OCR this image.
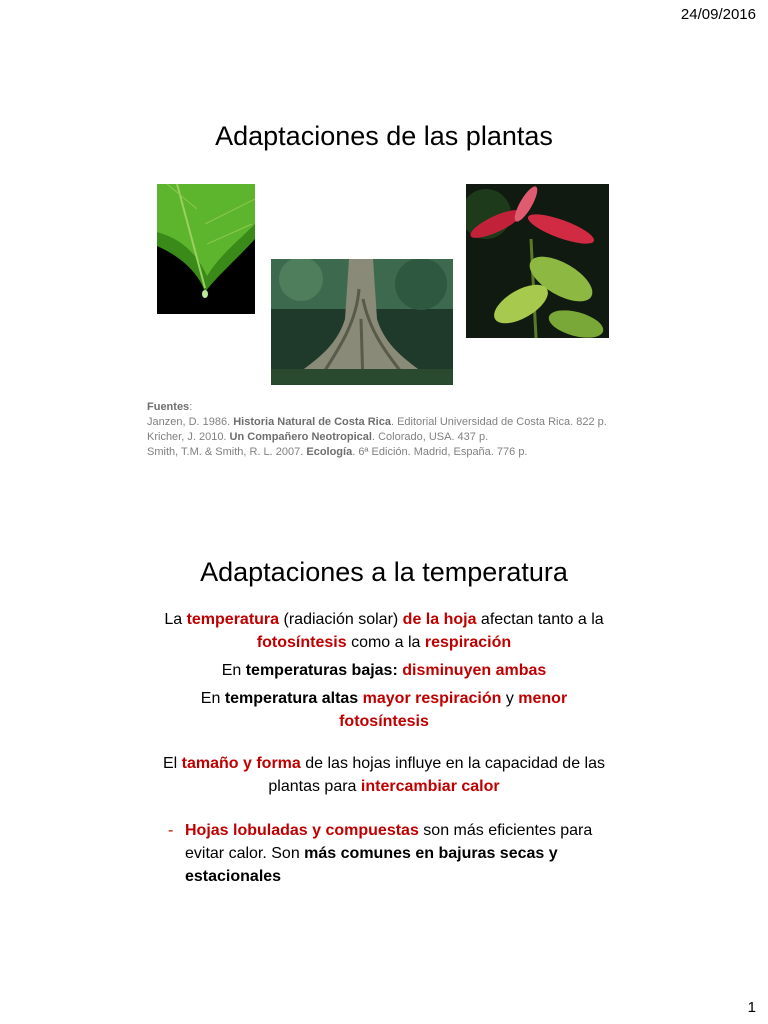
24/09/2016
Adaptaciones de las plantas
Fuentes:
Janzen, D. 1986. Historia Natural de Costa Rica. Editorial Universidad de Costa Rica. 822 p.
Kricher, J. 2010. Un Compañero Neotropical. Colorado, USA. 437 p.
Smith, T.M. & Smith, R. L. 2007. Ecología. 6ª Edición. Madrid, España. 776 p.
Adaptaciones a la temperatura
La temperatura (radiación solar) de la hoja afectan tanto a la
fotosíntesis como a la respiración
En temperaturas bajas: disminuyen ambas
En temperatura altas mayor respiración y menor
fotosíntesis
El tamaño y forma de las hojas influye en la capacidad de las
plantas para intercambiar calor
- Hojas lobuladas y compuestas son más eficientes para evitar calor. Son más comunes en bajuras secas y estacionales
1
